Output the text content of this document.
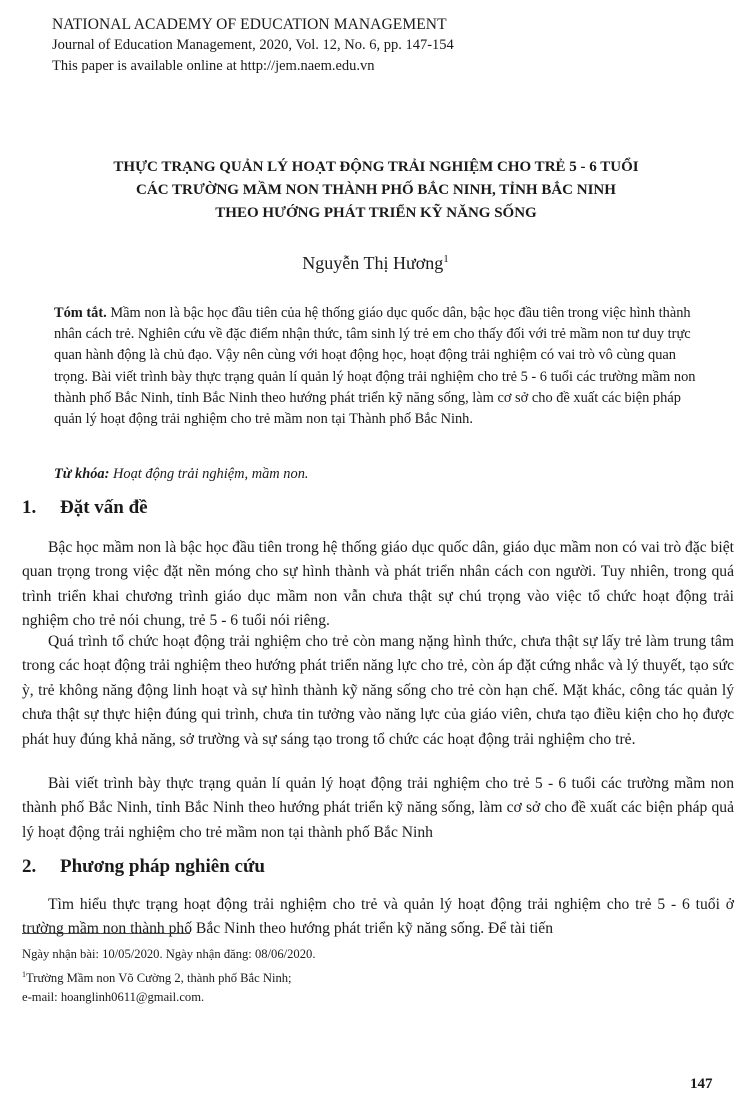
NATIONAL ACADEMY OF EDUCATION MANAGEMENT
Journal of Education Management, 2020, Vol. 12, No. 6, pp. 147-154
This paper is available online at http://jem.naem.edu.vn
THỰC TRẠNG QUẢN LÝ HOẠT ĐỘNG TRẢI NGHIỆM CHO TRẺ 5 - 6 TUỔI
CÁC TRƯỜNG MẦM NON THÀNH PHỐ BẮC NINH, TỈNH BẮC NINH
THEO HƯỚNG PHÁT TRIỂN KỸ NĂNG SỐNG
Nguyễn Thị Hương$^1$
Tóm tắt. Mầm non là bậc học đầu tiên của hệ thống giáo dục quốc dân, bậc học đầu tiên trong việc hình thành nhân cách trẻ. Nghiên cứu về đặc điểm nhận thức, tâm sinh lý trẻ em cho thấy đối với trẻ mầm non tư duy trực quan hành động là chủ đạo. Vậy nên cùng với hoạt động học, hoạt động trải nghiệm có vai trò vô cùng quan trọng. Bài viết trình bày thực trạng quản lí quản lý hoạt động trải nghiệm cho trẻ 5 - 6 tuổi các trường mầm non thành phố Bắc Ninh, tỉnh Bắc Ninh theo hướng phát triển kỹ năng sống, làm cơ sở cho đề xuất các biện pháp quản lý hoạt động trải nghiệm cho trẻ mầm non tại Thành phố Bắc Ninh.
Từ khóa: Hoạt động trải nghiệm, mầm non.
1. Đặt vấn đề
Bậc học mầm non là bậc học đầu tiên trong hệ thống giáo dục quốc dân, giáo dục mầm non có vai trò đặc biệt quan trọng trong việc đặt nền móng cho sự hình thành và phát triển nhân cách con người. Tuy nhiên, trong quá trình triển khai chương trình giáo dục mầm non vẫn chưa thật sự chú trọng vào việc tổ chức hoạt động trải nghiệm cho trẻ nói chung, trẻ 5 - 6 tuổi nói riêng.
Quá trình tổ chức hoạt động trải nghiệm cho trẻ còn mang nặng hình thức, chưa thật sự lấy trẻ làm trung tâm trong các hoạt động trải nghiệm theo hướng phát triển năng lực cho trẻ, còn áp đặt cứng nhắc và lý thuyết, tạo sức ỳ, trẻ không năng động linh hoạt và sự hình thành kỹ năng sống cho trẻ còn hạn chế. Mặt khác, công tác quản lý chưa thật sự thực hiện đúng qui trình, chưa tin tưởng vào năng lực của giáo viên, chưa tạo điều kiện cho họ được phát huy đúng khả năng, sở trường và sự sáng tạo trong tổ chức các hoạt động trải nghiệm cho trẻ.
Bài viết trình bày thực trạng quản lí quản lý hoạt động trải nghiệm cho trẻ 5 - 6 tuổi các trường mầm non thành phố Bắc Ninh, tỉnh Bắc Ninh theo hướng phát triển kỹ năng sống, làm cơ sở cho đề xuất các biện pháp quả lý hoạt động trải nghiệm cho trẻ mầm non tại thành phố Bắc Ninh
2. Phương pháp nghiên cứu
Tìm hiểu thực trạng hoạt động trải nghiệm cho trẻ và quản lý hoạt động trải nghiệm cho trẻ 5 - 6 tuổi ở trường mầm non thành phố Bắc Ninh theo hướng phát triển kỹ năng sống. Để tài tiến
Ngày nhận bài: 10/05/2020. Ngày nhận đăng: 08/06/2020.
$^1$Trường Mầm non Võ Cường 2, thành phố Bắc Ninh;
e-mail: hoanglinh0611@gmail.com.
147
